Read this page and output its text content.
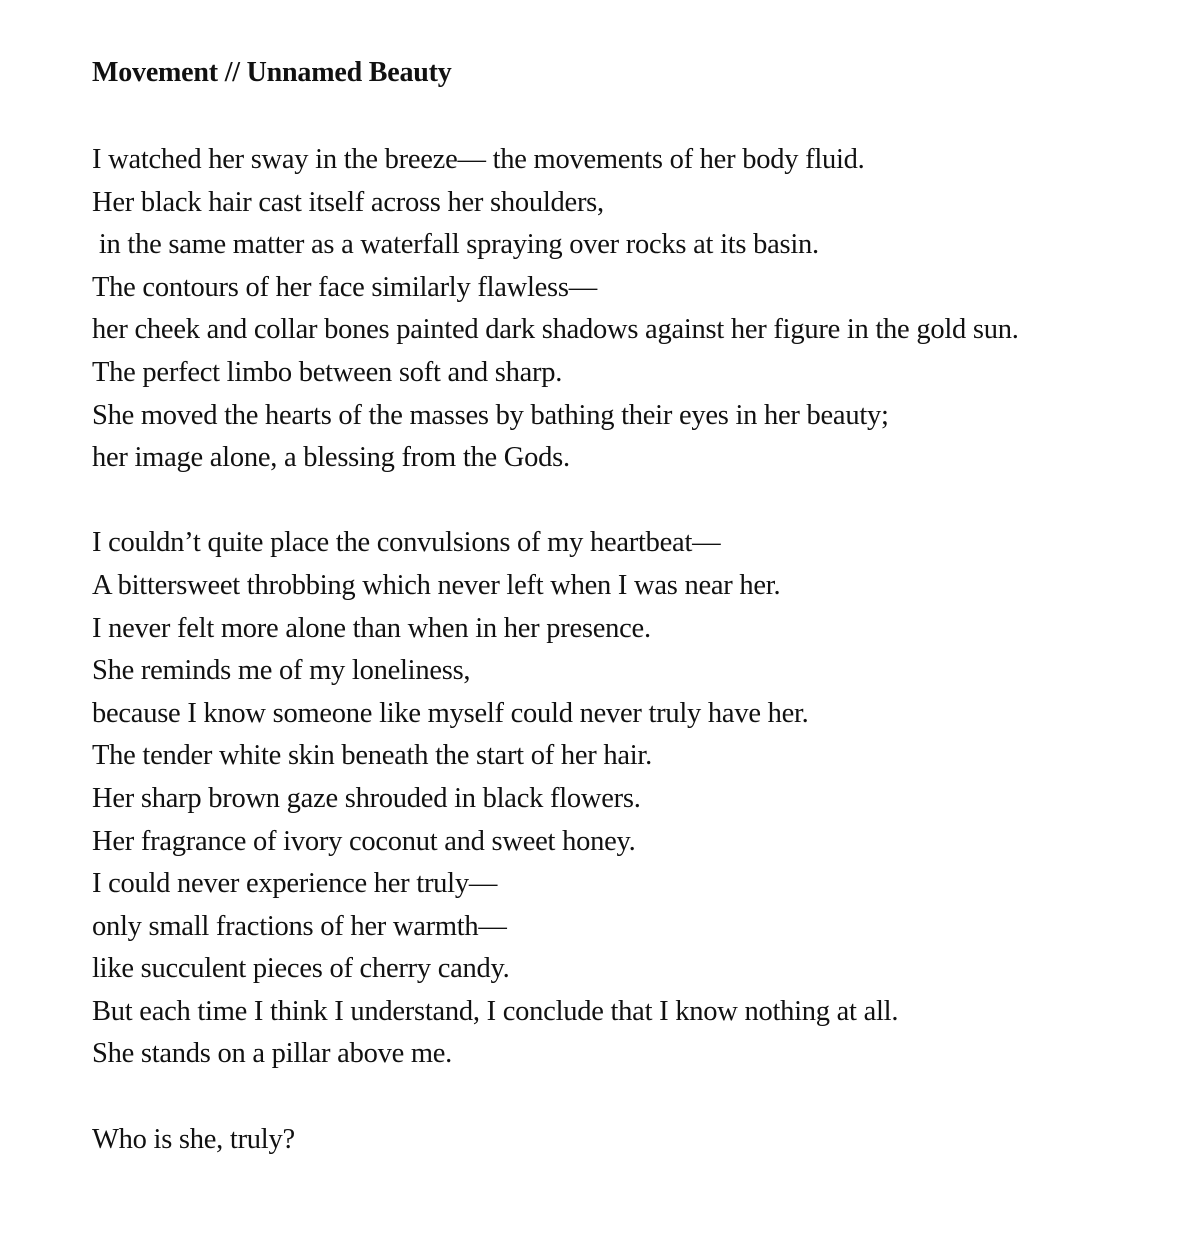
Movement // Unnamed Beauty
I watched her sway in the breeze— the movements of her body fluid.
Her black hair cast itself across her shoulders,
in the same matter as a waterfall spraying over rocks at its basin.
The contours of her face similarly flawless—
her cheek and collar bones painted dark shadows against her figure in the gold sun.
The perfect limbo between soft and sharp.
She moved the hearts of the masses by bathing their eyes in her beauty;
her image alone, a blessing from the Gods.
I couldn’t quite place the convulsions of my heartbeat—
A bittersweet throbbing which never left when I was near her.
I never felt more alone than when in her presence.
She reminds me of my loneliness,
because I know someone like myself could never truly have her.
The tender white skin beneath the start of her hair.
Her sharp brown gaze shrouded in black flowers.
Her fragrance of ivory coconut and sweet honey.
I could never experience her truly—
only small fractions of her warmth—
like succulent pieces of cherry candy.
But each time I think I understand, I conclude that I know nothing at all.
She stands on a pillar above me.
Who is she, truly?
